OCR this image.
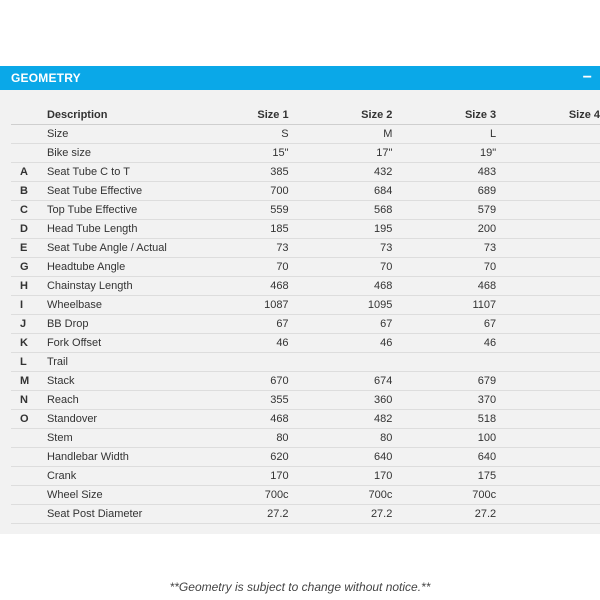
GEOMETRY	−
	Description	Size 1	Size 2	Size 3	Size 4
	Size	S	M	L	
	Bike size	15"	17"	19"	
A	Seat Tube C to T	385	432	483	
B	Seat Tube Effective	700	684	689	
C	Top Tube Effective	559	568	579	
D	Head Tube Length	185	195	200	
E	Seat Tube Angle / Actual	73	73	73	
G	Headtube Angle	70	70	70	
H	Chainstay Length	468	468	468	
I	Wheelbase	1087	1095	1107	
J	BB Drop	67	67	67	
K	Fork Offset	46	46	46	
L	Trail				
M	Stack	670	674	679	
N	Reach	355	360	370	
O	Standover	468	482	518	
	Stem	80	80	100	
	Handlebar Width	620	640	640	
	Crank	170	170	175	
	Wheel Size	700c	700c	700c	
	Seat Post Diameter	27.2	27.2	27.2	
**Geometry is subject to change without notice.**
